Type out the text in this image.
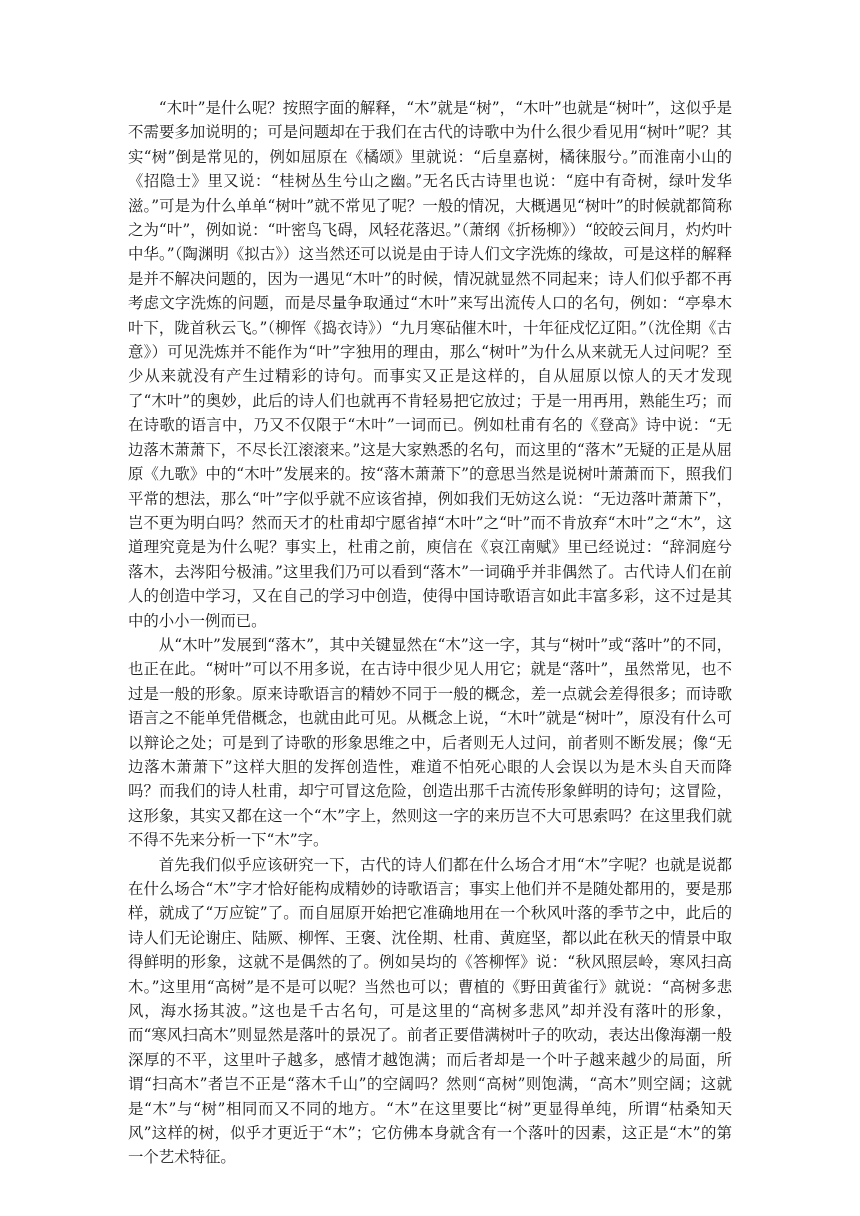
“木叶”是什么呢？按照字面的解释，“木”就是“树”，“木叶”也就是“树叶”，这似乎是不需要多加说明的；可是问题却在于我们在古代的诗歌中为什么很少看见用“树叶”呢？其实“树”倒是常见的，例如屈原在《橘颂》里就说：“后皇嘉树，橘徕服兮。”而淮南小山的《招隐士》里又说：“桂树丛生兮山之幽。”无名氏古诗里也说：“庭中有奇树，绿叶发华滋。”可是为什么单单“树叶”就不常见了呢？一般的情况，大概遇见“树叶”的时候就都简称之为“叶”，例如说：“叶密鸟飞碍，风轻花落迟。”（萧纲《折杨柳》）“皎皎云间月，灼灼叶中华。”（陶渊明《拟古》）这当然还可以说是由于诗人们文字洗炼的缘故，可是这样的解释是并不解决问题的，因为一遇见“木叶”的时候，情况就显然不同起来；诗人们似乎都不再考虑文字洗炼的问题，而是尽量争取通过“木叶”来写出流传人口的名句，例如：“亭皋木叶下，陇首秋云飞。”（柳恽《捣衣诗》）“九月寒砧催木叶，十年征戍忆辽阳。”（沈佺期《古意》）可见洗炼并不能作为“叶”字独用的理由，那么“树叶”为什么从来就无人过问呢？至少从来就没有产生过精彩的诗句。而事实又正是这样的，自从屈原以惊人的天才发现了“木叶”的奥妙，此后的诗人们也就再不肯轻易把它放过；于是一用再用，熟能生巧；而在诗歌的语言中，乃又不仅限于“木叶”一词而已。例如杜甫有名的《登高》诗中说：“无边落木萧萧下，不尽长江滚滚来。”这是大家熟悉的名句，而这里的“落木”无疑的正是从屈原《九歌》中的“木叶”发展来的。按“落木萧萧下”的意思当然是说树叶萧萧而下，照我们平常的想法，那么“叶”字似乎就不应该省掉，例如我们无妨这么说：“无边落叶萧萧下”，岂不更为明白吗？然而天才的杜甫却宁愿省掉“木叶”之“叶”而不肯放弃“木叶”之“木”，这道理究竟是为什么呢？事实上，杜甫之前，庾信在《哀江南赋》里已经说过：“辞洞庭兮落木，去涔阳兮极浦。”这里我们乃可以看到“落木”一词确乎并非偶然了。古代诗人们在前人的创造中学习，又在自己的学习中创造，使得中国诗歌语言如此丰富多彩，这不过是其中的小小一例而已。

从“木叶”发展到“落木”，其中关键显然在“木”这一字，其与“树叶”或“落叶”的不同，也正在此。“树叶”可以不用多说，在古诗中很少见人用它；就是“落叶”，虽然常见，也不过是一般的形象。原来诗歌语言的精妙不同于一般的概念，差一点就会差得很多；而诗歌语言之不能单凭借概念，也就由此可见。从概念上说，“木叶”就是“树叶”，原没有什么可以辩论之处；可是到了诗歌的形象思维之中，后者则无人过问，前者则不断发展；像“无边落木萧萧下”这样大胆的发挥创造性，难道不怕死心眼的人会误以为是木头自天而降吗？而我们的诗人杜甫，却宁可冒这危险，创造出那千古流传形象鲜明的诗句；这冒险，这形象，其实又都在这一个“木”字上，然则这一字的来历岂不大可思索吗？在这里我们就不得不先来分析一下“木”字。

首先我们似乎应该研究一下，古代的诗人们都在什么场合才用“木”字呢？也就是说都在什么场合“木”字才恰好能构成精妙的诗歌语言；事实上他们并不是随处都用的，要是那样，就成了“万应锭”了。而自屈原开始把它准确地用在一个秋风叶落的季节之中，此后的诗人们无论谢庄、陆厥、柳恽、王褒、沈佺期、杜甫、黄庭坚，都以此在秋天的情景中取得鲜明的形象，这就不是偶然的了。例如吴均的《答柳恽》说：“秋风照层岭，寒风扫高木。”这里用“高树”是不是可以呢？当然也可以；曹植的《野田黄雀行》就说：“高树多悲风，海水扬其波。”这也是千古名句，可是这里的“高树多悲风”却并没有落叶的形象，而“寒风扫高木”则显然是落叶的景况了。前者正要借满树叶子的吹动，表达出像海潮一般深厚的不平，这里叶子越多，感情才越饱满；而后者却是一个叶子越来越少的局面，所谓“扫高木”者岂不正是“落木千山”的空阔吗？然则“高树”则饱满，“高木”则空阔；这就是“木”与“树”相同而又不同的地方。“木”在这里要比“树”更显得单纯，所谓“枯桑知天风”这样的树，似乎才更近于“木”；它仿佛本身就含有一个落叶的因素，这正是“木”的第一个艺术特征。
